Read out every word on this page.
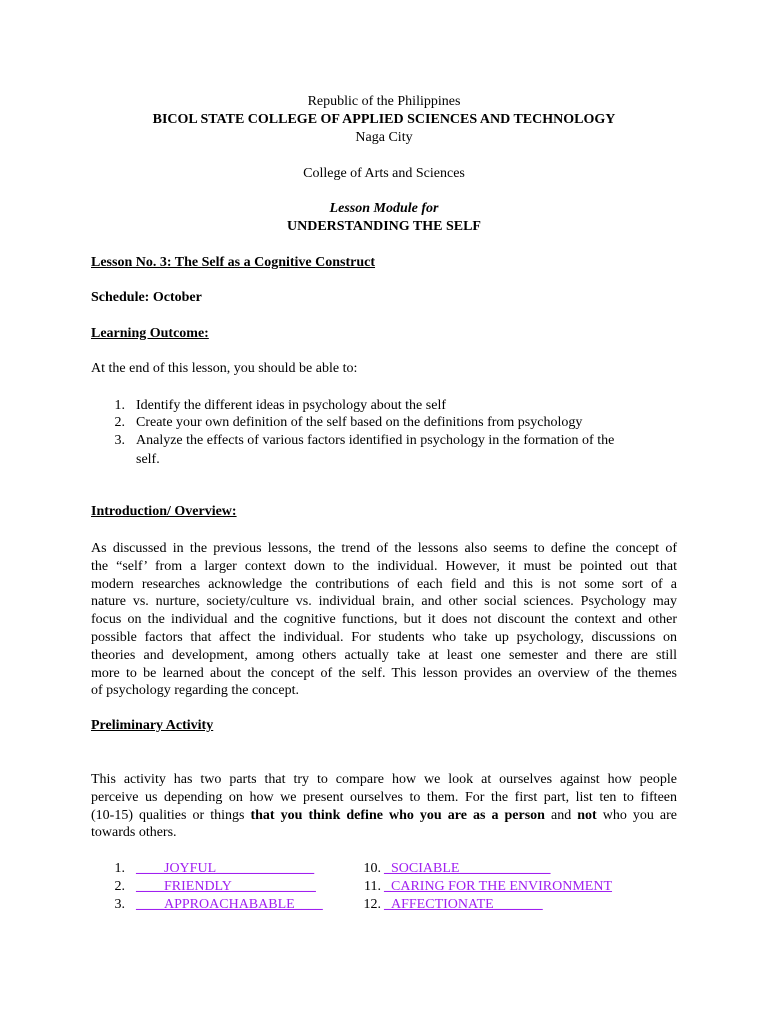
Republic of the Philippines
BICOL STATE COLLEGE OF APPLIED SCIENCES AND TECHNOLOGY
Naga City
College of Arts and Sciences
Lesson Module for
UNDERSTANDING THE SELF
Lesson No. 3: The Self as a Cognitive Construct
Schedule: October
Learning Outcome:
At the end of this lesson, you should be able to:
1. Identify the different ideas in psychology about the self
2. Create your own definition of the self based on the definitions from psychology
3. Analyze the effects of various factors identified in psychology in the formation of the
self.
Introduction/ Overview:
As discussed in the previous lessons, the trend of the lessons also seems to define the concept of
the “self’ from a larger context down to the individual. However, it must be pointed out that
modern researches acknowledge the contributions of each field and this is not some sort of a
nature vs. nurture, society/culture vs. individual brain, and other social sciences. Psychology may
focus on the individual and the cognitive functions, but it does not discount the context and other
possible factors that affect the individual. For students who take up psychology, discussions on
theories and development, among others actually take at least one semester and there are still
more to be learned about the concept of the self. This lesson provides an overview of the themes
of psychology regarding the concept.
Preliminary Activity
This activity has two parts that try to compare how we look at ourselves against how people
perceive us depending on how we present ourselves to them. For the first part, list ten to fifteen
(10-15) qualities or things that you think define who you are as a person and not who you are
towards others.
1. ____JOYFUL______________
2. ____FRIENDLY____________
3. ____APPROACHABABLE____
10. _SOCIABLE_____________
11. _CARING FOR THE ENVIRONMENT
12. _AFFECTIONATE_______
